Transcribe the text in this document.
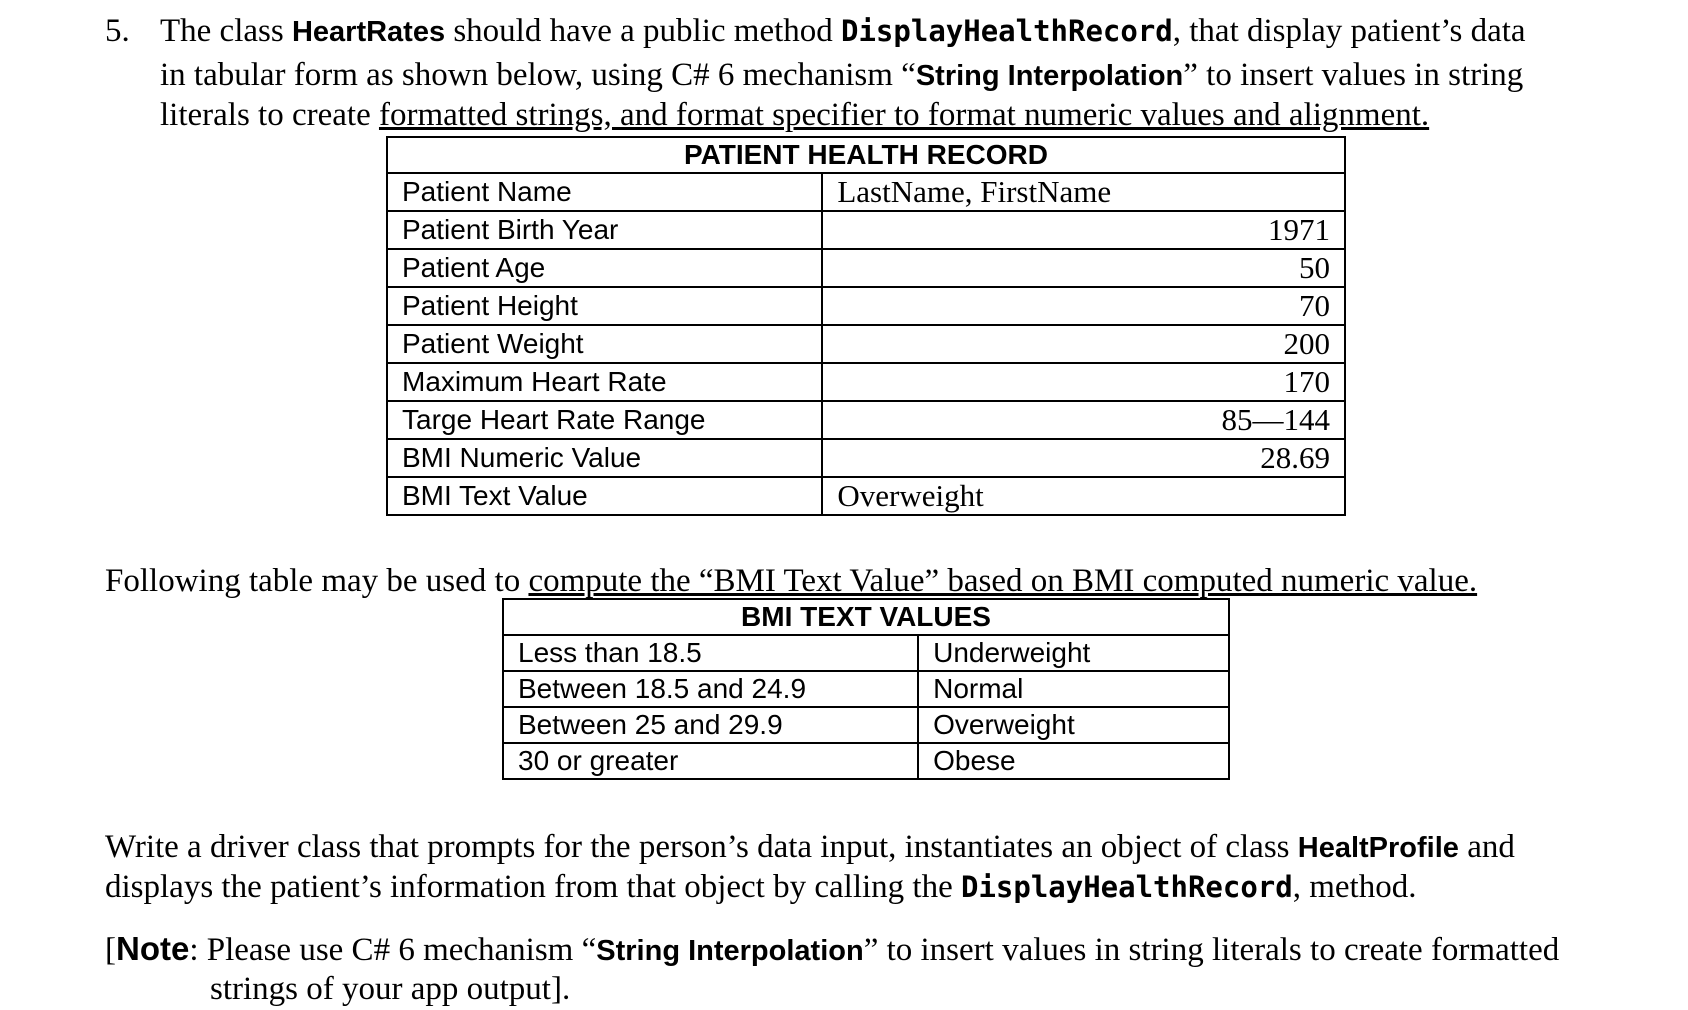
5. The class HeartRates should have a public method DisplayHealthRecord, that display patient’s data
in tabular form as shown below, using C# 6 mechanism “String Interpolation” to insert values in string
literals to create formatted strings, and format specifier to format numeric values and alignment.
PATIENT HEALTH RECORD	
Patient Name	LastName, FirstName
Patient Birth Year	1971
Patient Age	50
Patient Height	70
Patient Weight	200
Maximum Heart Rate	170
Targe Heart Rate Range	85—144
BMI Numeric Value	28.69
BMI Text Value	Overweight
Following table may be used to compute the “BMI Text Value” based on BMI computed numeric value.
BMI TEXT VALUES	
Less than 18.5	Underweight
Between 18.5 and 24.9	Normal
Between 25 and 29.9	Overweight
30 or greater	Obese
Write a driver class that prompts for the person’s data input, instantiates an object of class HealtProfile and
displays the patient’s information from that object by calling the DisplayHealthRecord, method.
[Note: Please use C# 6 mechanism “String Interpolation” to insert values in string literals to create formatted
strings of your app output].
